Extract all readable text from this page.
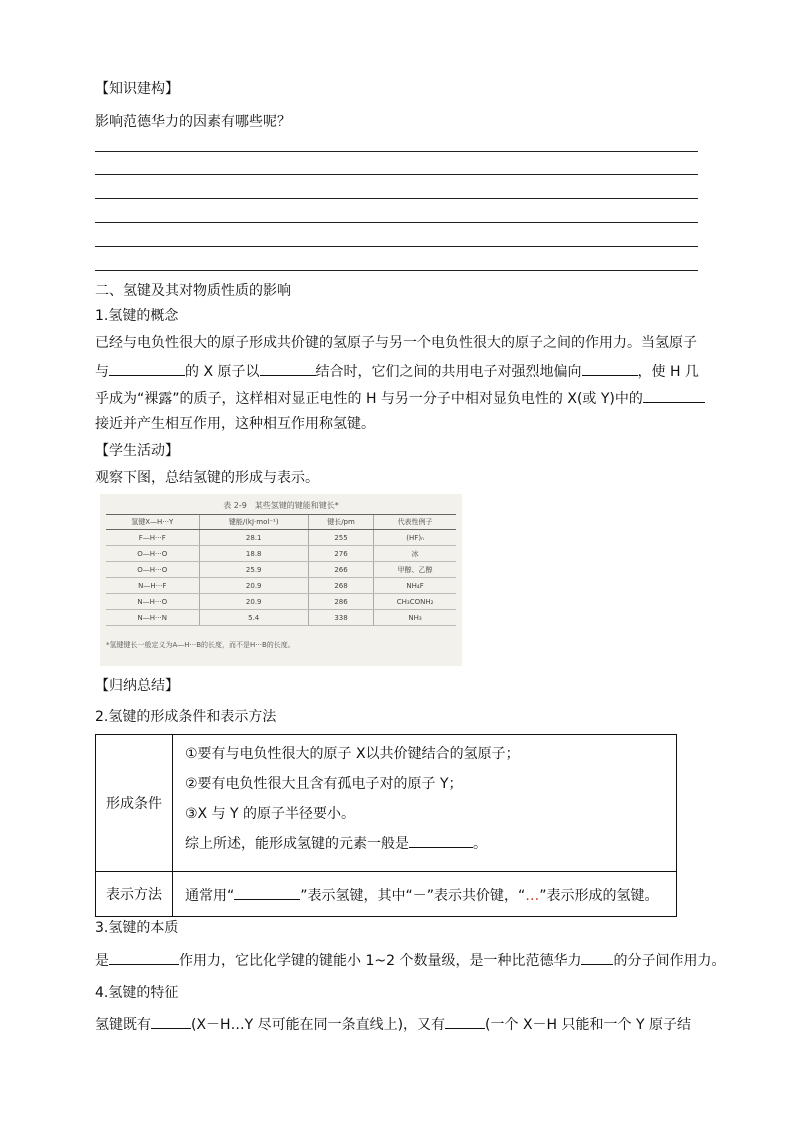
【知识建构】
影响范德华力的因素有哪些呢？
二、氢键及其对物质性质的影响
1.氢键的概念
已经与电负性很大的原子形成共价键的氢原子与另一个电负性很大的原子之间的作用力。当氢原子
与	的 X 原子以	结合时，它们之间的共用电子对强烈地偏向	，使 H 几
乎成为“裸露”的质子，这样相对显正电性的 H 与另一分子中相对显负电性的 X(或 Y)中的
接近并产生相互作用，这种相互作用称氢键。
【学生活动】
观察下图，总结氢键的形成与表示。
表 2-9　某些氢键的键能和键长*
氢键X—H···Y	键能/(kJ·mol⁻¹)	键长/pm	代表性例子
F—H···F	28.1	255	(HF)ₙ
O—H···O	18.8	276	冰
O—H···O	25.9	266	甲醇、乙醇
N—H···F	20.9	268	NH₄F
N—H···O	20.9	286	CH₃CONH₂
N—H···N	5.4	338	NH₃
*氢键键长一般定义为A—H···B的长度，而不是H···B的长度。
【归纳总结】
2.氢键的形成条件和表示方法
形成条件	①要有与电负性很大的原子 X以共价键结合的氢原子；
②要有电负性很大且含有孤电子对的原子 Y；
③X 与 Y 的原子半径要小。
综上所述，能形成氢键的元素一般是 。

表示方法	通常用“ ”表示氢键，其中“－”表示共价键，“…”表示形成的氢键。
3.氢键的本质
是	作用力，它比化学键的键能小 1~2 个数量级，是一种比范德华力 的分子间作用力。
4.氢键的特征
氢键既有	(X－H…Y 尽可能在同一条直线上)，又有	(一个 X－H 只能和一个 Y 原子结
